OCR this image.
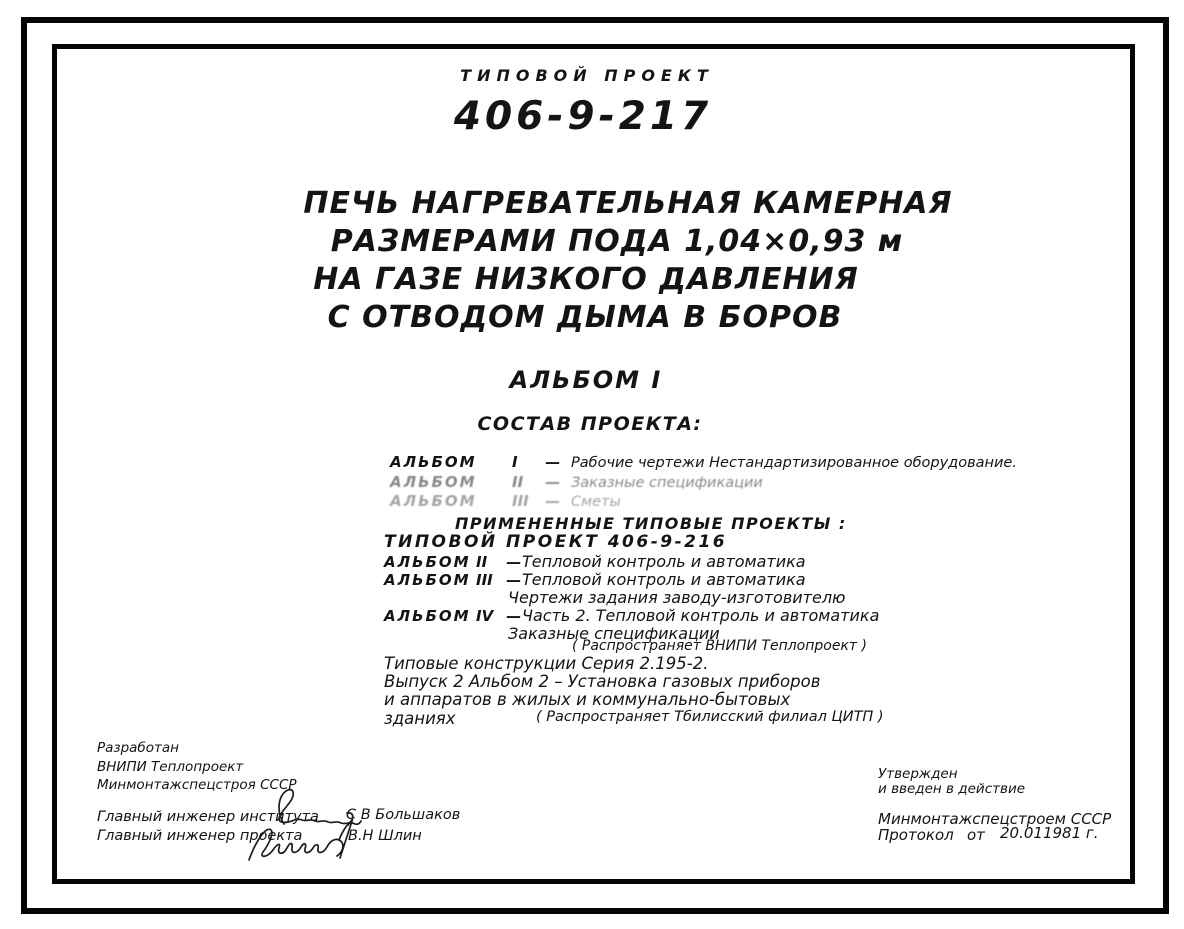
ТИПОВОЙ ПРОЕКТ
406-9-217
ПЕЧЬ НАГРЕВАТЕЛЬНАЯ КАМЕРНАЯ
РАЗМЕРАМИ ПОДА 1,04×0,93 м
НА ГАЗЕ НИЗКОГО ДАВЛЕНИЯ
С ОТВОДОМ ДЫМА В БОРОВ
АЛЬБОМ I
СОСТАВ ПРОЕКТА:
АЛЬБОМ I — Рабочие чертежи Нестандартизированное оборудование.
АЛЬБОМ II — Заказные спецификации
АЛЬБОМ III — Сметы
ПРИМЕНЕННЫЕ ТИПОВЫЕ ПРОЕКТЫ :
ТИПОВОЙ ПРОЕКТ 406-9-216
АЛЬБОМ II —Тепловой контроль и автоматика
АЛЬБОМ III —Тепловой контроль и автоматика
Чертежи задания заводу-изготовителю
АЛЬБОМ IV —Часть 2. Тепловой контроль и автоматика
Заказные спецификации
( Распространяет ВНИПИ Теплопроект )
Типовые конструкции Серия 2.195-2.
Выпуск 2 Альбом 2 – Установка газовых приборов
и аппаратов в жилых и коммунально-бытовых
зданиях	( Распространяет Тбилисский филиал ЦИТП )
Разработан
ВНИПИ Теплопроект
Минмонтажспецстроя СССР
Главный инженер института С В Большаков
Главный инженер проекта	В.Н Шлин
Утвержден
и введен в действие
Минмонтажспецстроем СССР
Протокол от 20.011981 г.
